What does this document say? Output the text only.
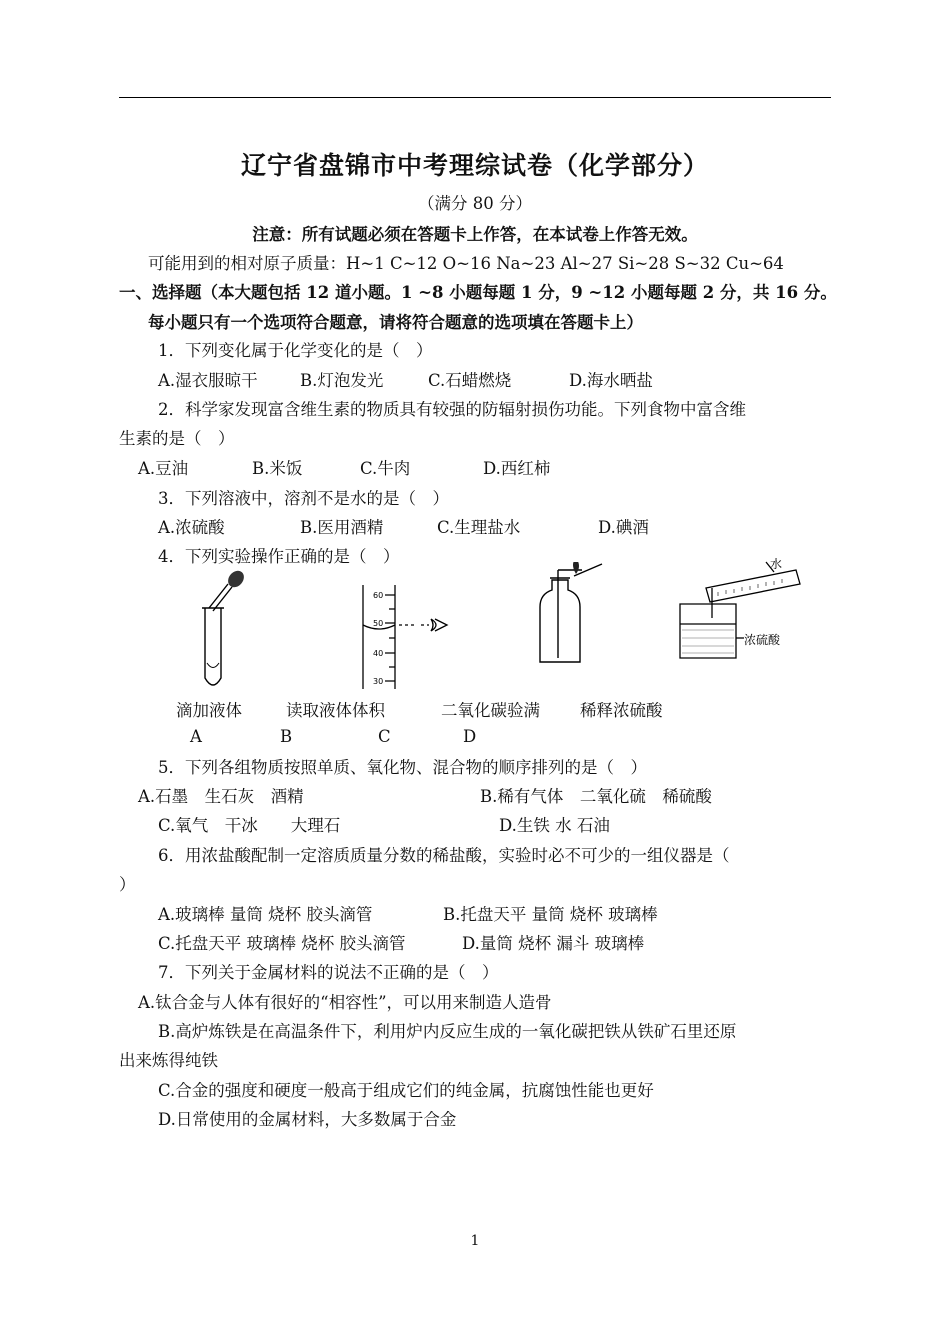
辽宁省盘锦市中考理综试卷（化学部分）
（满分 80 分）
注意：所有试题必须在答题卡上作答，在本试卷上作答无效。
可能用到的相对原子质量：H~1 C~12 O~16 Na~23 Al~27 Si~28 S~32 Cu~64
一、选择题（本大题包括 12 道小题。1 ~8 小题每题 1 分，9 ~12 小题每题 2 分，共 16 分。
每小题只有一个选项符合题意，请将符合题意的选项填在答题卡上）
1．下列变化属于化学变化的是（　）
A.湿衣服晾干	B.灯泡发光	C.石蜡燃烧	D.海水晒盐
2．科学家发现富含维生素的物质具有较强的防辐射损伤功能。下列食物中富含维
生素的是（　）
A.豆油	B.米饭	C.牛肉	D.西红柿
3．下列溶液中，溶剂不是水的是（　）
A.浓硫酸	B.医用酒精	C.生理盐水	D.碘酒
4．下列实验操作正确的是（　）
60
50
40
30
水
浓硫酸
滴加液体	读取液体体积	二氧化碳验满 稀释浓硫酸
A	B	C	D
5．下列各组物质按照单质、氧化物、混合物的顺序排列的是（　）
A.石墨　生石灰　酒精	B.稀有气体　二氧化硫　稀硫酸
C.氧气　干冰　　大理石	D.生铁 水 石油
6．用浓盐酸配制一定溶质质量分数的稀盐酸，实验时必不可少的一组仪器是（
）
A.玻璃棒 量筒 烧杯 胶头滴管	B.托盘天平 量筒 烧杯 玻璃棒
C.托盘天平 玻璃棒 烧杯 胶头滴管	D.量筒 烧杯 漏斗 玻璃棒
7．下列关于金属材料的说法不正确的是（　）
A.钛合金与人体有很好的“相容性”，可以用来制造人造骨
B.高炉炼铁是在高温条件下，利用炉内反应生成的一氧化碳把铁从铁矿石里还原
出来炼得纯铁
C.合金的强度和硬度一般高于组成它们的纯金属，抗腐蚀性能也更好
D.日常使用的金属材料，大多数属于合金
1
